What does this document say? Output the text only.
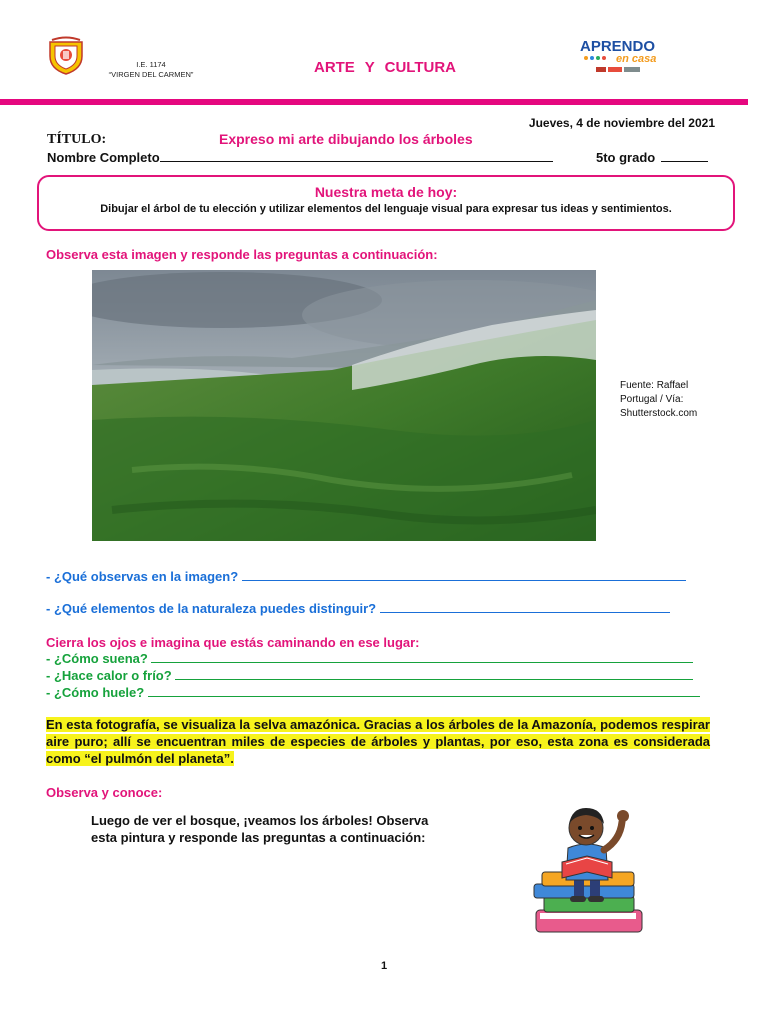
I.E. 1174
“VIRGEN DEL CARMEN”	ARTE Y CULTURA
APRENDO
en casa
Jueves, 4 de noviembre del 2021
TÍTULO:	Expreso mi arte dibujando los árboles
Nombre Completo	5to grado
Nuestra meta de hoy:
Dibujar el árbol de tu elección y utilizar elementos del lenguaje visual para expresar tus ideas y sentimientos.
Observa esta imagen y responde las preguntas a continuación:
Fuente: Raffael Portugal / Vía: Shutterstock.com
- ¿Qué observas en la imagen?
- ¿Qué elementos de la naturaleza puedes distinguir?
Cierra los ojos e imagina que estás caminando en ese lugar:
- ¿Cómo suena?
- ¿Hace calor o frío?
- ¿Cómo huele?
En esta fotografía, se visualiza la selva amazónica. Gracias a los árboles de la Amazonía, podemos respirar aire puro; allí se encuentran miles de especies de árboles y plantas, por eso, esta zona es considerada como “el pulmón del planeta”.
Observa y conoce:
Luego de ver el bosque, ¡veamos los árboles! Observa esta pintura y responde las preguntas a continuación:
1
